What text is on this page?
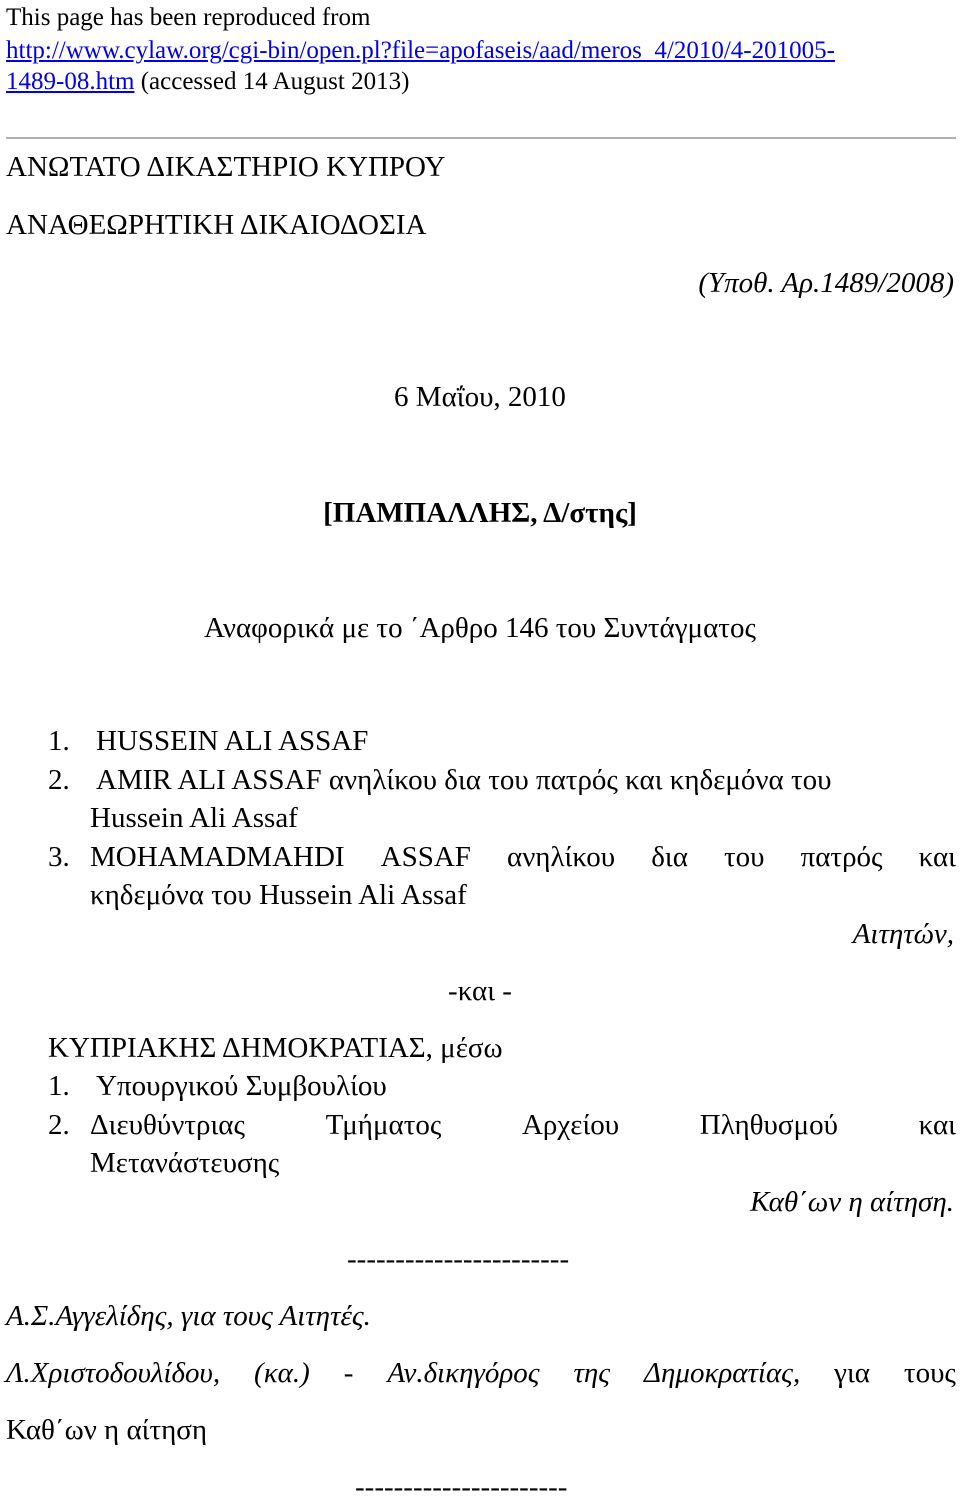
This page has been reproduced from
http://www.cylaw.org/cgi-bin/open.pl?file=apofaseis/aad/meros_4/2010/4-201005-
1489-08.htm (accessed 14 August 2013)
ΑΝΩΤΑΤΟ ΔΙΚΑΣΤΗΡΙΟ ΚΥΠΡΟΥ
ΑΝΑΘΕΩΡΗΤΙΚΗ ΔΙΚΑΙΟΔΟΣΙΑ
(Υποθ. Αρ.1489/2008)
6 Μαΐου, 2010
[ΠΑΜΠΑΛΛΗΣ, Δ/στης]
Αναφορικά με το ΄Αρθρο 146 του Συντάγματος
1. HUSSEIN ALI ASSAF
2. AMIR ALI ASSAF ανηλίκου δια του πατρός και κηδεμόνα του
Hussein Ali Assaf
3. MOHAMADMAHDI ASSAF ανηλίκου δια του πατρός και
κηδεμόνα του Hussein Ali Assaf
Αιτητών,
-και -
ΚΥΠΡΙΑΚΗΣ ΔΗΜΟΚΡΑΤΙΑΣ, μέσω
1. Υπουργικού Συμβουλίου
2. Διευθύντριας	Τμήματος	Αρχείου	Πληθυσμού	και
Μετανάστευσης
Καθ΄ων η αίτηση.
-----------------------
Α.Σ.Αγγελίδης, για τους Αιτητές.
Λ.Χριστοδουλίδου, (κα.) - Αν.δικηγόρος της Δημοκρατίας, για τους
Καθ΄ων η αίτηση
----------------------
